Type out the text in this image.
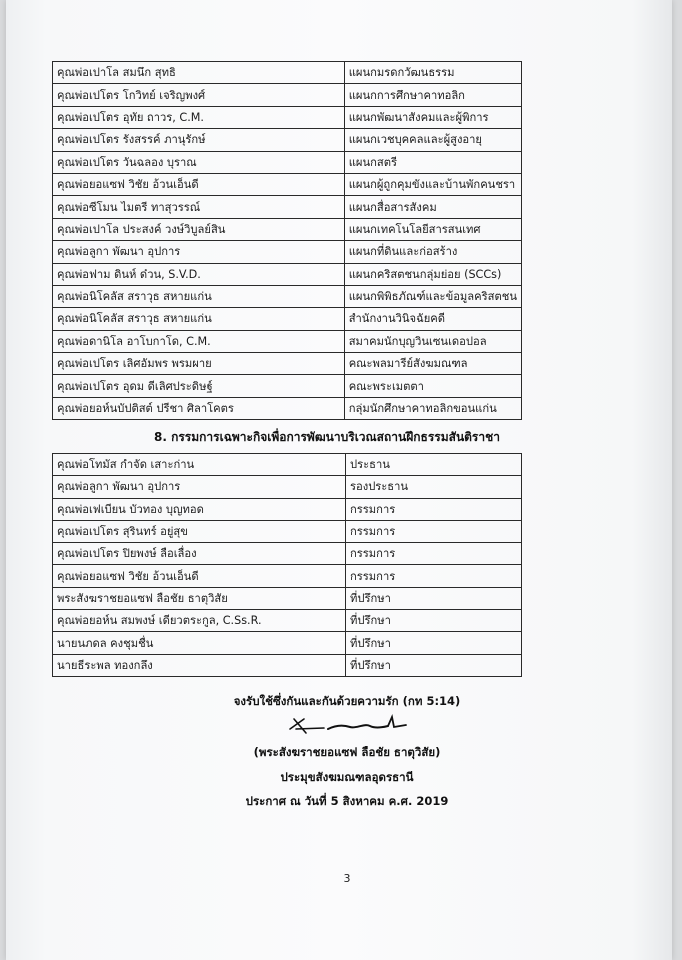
คุณพ่อเปาโล สมนึก สุทธิ	แผนกมรดกวัฒนธรรม
คุณพ่อเปโตร โกวิทย์ เจริญพงศ์	แผนกการศึกษาคาทอลิก
คุณพ่อเปโตร อุทัย ถาวร, C.M.	แผนกพัฒนาสังคมและผู้พิการ
คุณพ่อเปโตร รังสรรค์ ภานุรักษ์	แผนกเวชบุคคลและผู้สูงอายุ
คุณพ่อเปโตร วันฉลอง บุราณ	แผนกสตรี
คุณพ่อยอแซฟ วิชัย อ้วนเอ็นดี	แผนกผู้ถูกคุมขังและบ้านพักคนชรา
คุณพ่อซีโมน ไมตรี ทาสุวรรณ์	แผนกสื่อสารสังคม
คุณพ่อเปาโล ประสงค์ วงษ์วิบูลย์สิน	แผนกเทคโนโลยีสารสนเทศ
คุณพ่อลูกา พัฒนา อุปการ	แผนกที่ดินและก่อสร้าง
คุณพ่อฟาม ดินห์ ด๋วน, S.V.D.	แผนกคริสตชนกลุ่มย่อย (SCCs)
คุณพ่อนิโคลัส สราวุธ สหายแก่น	แผนกพิพิธภัณฑ์และข้อมูลคริสตชน
คุณพ่อนิโคลัส สราวุธ สหายแก่น	สำนักงานวินิจฉัยคดี
คุณพ่อดานิโล อาโบกาโด, C.M.	สมาคมนักบุญวินเซนเดอปอล
คุณพ่อเปโตร เลิศอัมพร พรมผาย	คณะพลมารีย์สังฆมณฑล
คุณพ่อเปโตร อุดม ดีเลิศประดิษฐ์	คณะพระเมตตา
คุณพ่อยอห์นบัปติสต์ ปรีชา ศิลาโคตร	กลุ่มนักศึกษาคาทอลิกขอนแก่น
8. กรรมการเฉพาะกิจเพื่อการพัฒนาบริเวณสถานฝึกธรรมสันติราชา
คุณพ่อโทมัส กำจัด เสาะก่าน	ประธาน
คุณพ่อลูกา พัฒนา อุปการ	รองประธาน
คุณพ่อเฟเบียน บัวทอง บุญทอด	กรรมการ
คุณพ่อเปโตร สุรินทร์ อยู่สุข	กรรมการ
คุณพ่อเปโตร ปิยพงษ์ ลือเลื่อง	กรรมการ
คุณพ่อยอแซฟ วิชัย อ้วนเอ็นดี	กรรมการ
พระสังฆราชยอแซฟ ลือชัย ธาตุวิสัย	ที่ปรึกษา
คุณพ่อยอห์น สมพงษ์ เดียวตระกูล, C.Ss.R.	ที่ปรึกษา
นายนภดล คงชุมชื่น	ที่ปรึกษา
นายธีระพล ทองกลึง	ที่ปรึกษา
จงรับใช้ซึ่งกันและกันด้วยความรัก (กท 5:14)
(พระสังฆราชยอแซฟ ลือชัย ธาตุวิสัย)
ประมุขสังฆมณฑลอุดรธานี
ประกาศ ณ วันที่ 5 สิงหาคม ค.ศ. 2019
3
